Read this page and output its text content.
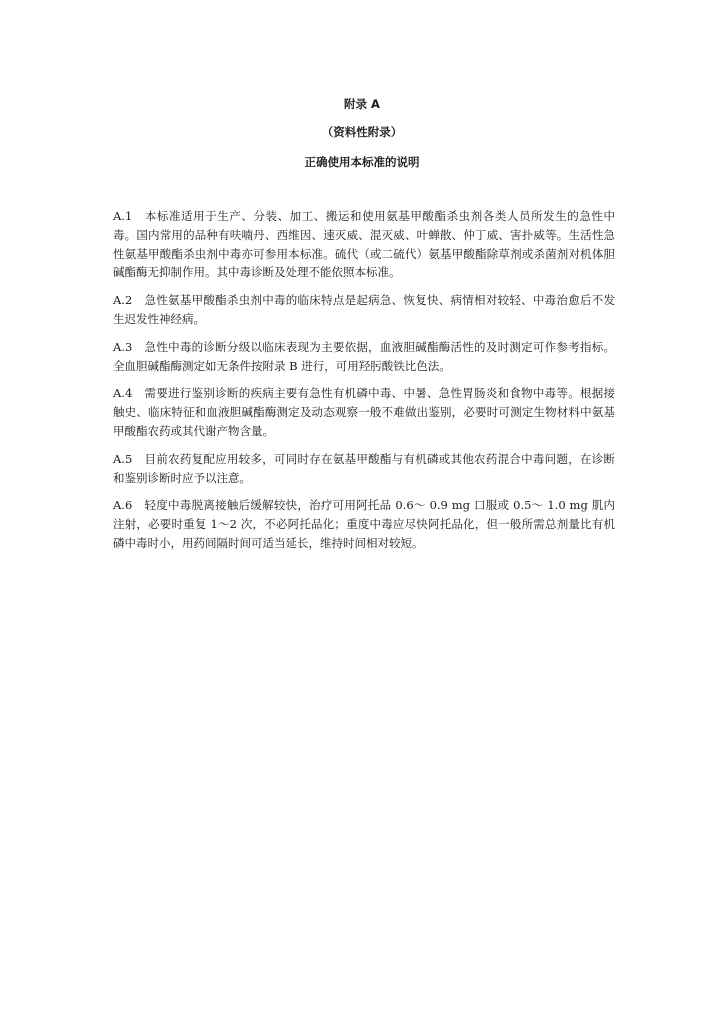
附录 A
（资料性附录）
正确使用本标准的说明

A.1 本标准适用于生产、分装、加工、搬运和使用氨基甲酸酯杀虫剂各类人员所发生的急性中毒。国内常用的品种有呋喃丹、西维因、速灭威、混灭威、叶蝉散、仲丁威、害扑威等。生活性急性氨基甲酸酯杀虫剂中毒亦可参用本标准。硫代（或二硫代）氨基甲酸酯除草剂或杀菌剂对机体胆碱酯酶无抑制作用。其中毒诊断及处理不能依照本标准。

A.2 急性氨基甲酸酯杀虫剂中毒的临床特点是起病急、恢复快、病情相对较轻、中毒治愈后不发生迟发性神经病。

A.3 急性中毒的诊断分级以临床表现为主要依据，血液胆碱酯酶活性的及时测定可作参考指标。全血胆碱酯酶测定如无条件按附录 B 进行，可用羟肟酸铁比色法。

A.4 需要进行鉴别诊断的疾病主要有急性有机磷中毒、中暑、急性胃肠炎和食物中毒等。根据接触史、临床特征和血液胆碱酯酶测定及动态观察一般不难做出鉴别，必要时可测定生物材料中氨基甲酸酯农药或其代谢产物含量。

A.5 目前农药复配应用较多，可同时存在氨基甲酸酯与有机磷或其他农药混合中毒问题，在诊断和鉴别诊断时应予以注意。

A.6 轻度中毒脱离接触后缓解较快，治疗可用阿托品 0.6～ 0.9 mg 口服或 0.5～ 1.0 mg 肌内注射，必要时重复 1～2 次，不必阿托品化；重度中毒应尽快阿托品化，但一般所需总剂量比有机磷中毒时小，用药间隔时间可适当延长，维持时间相对较短。
